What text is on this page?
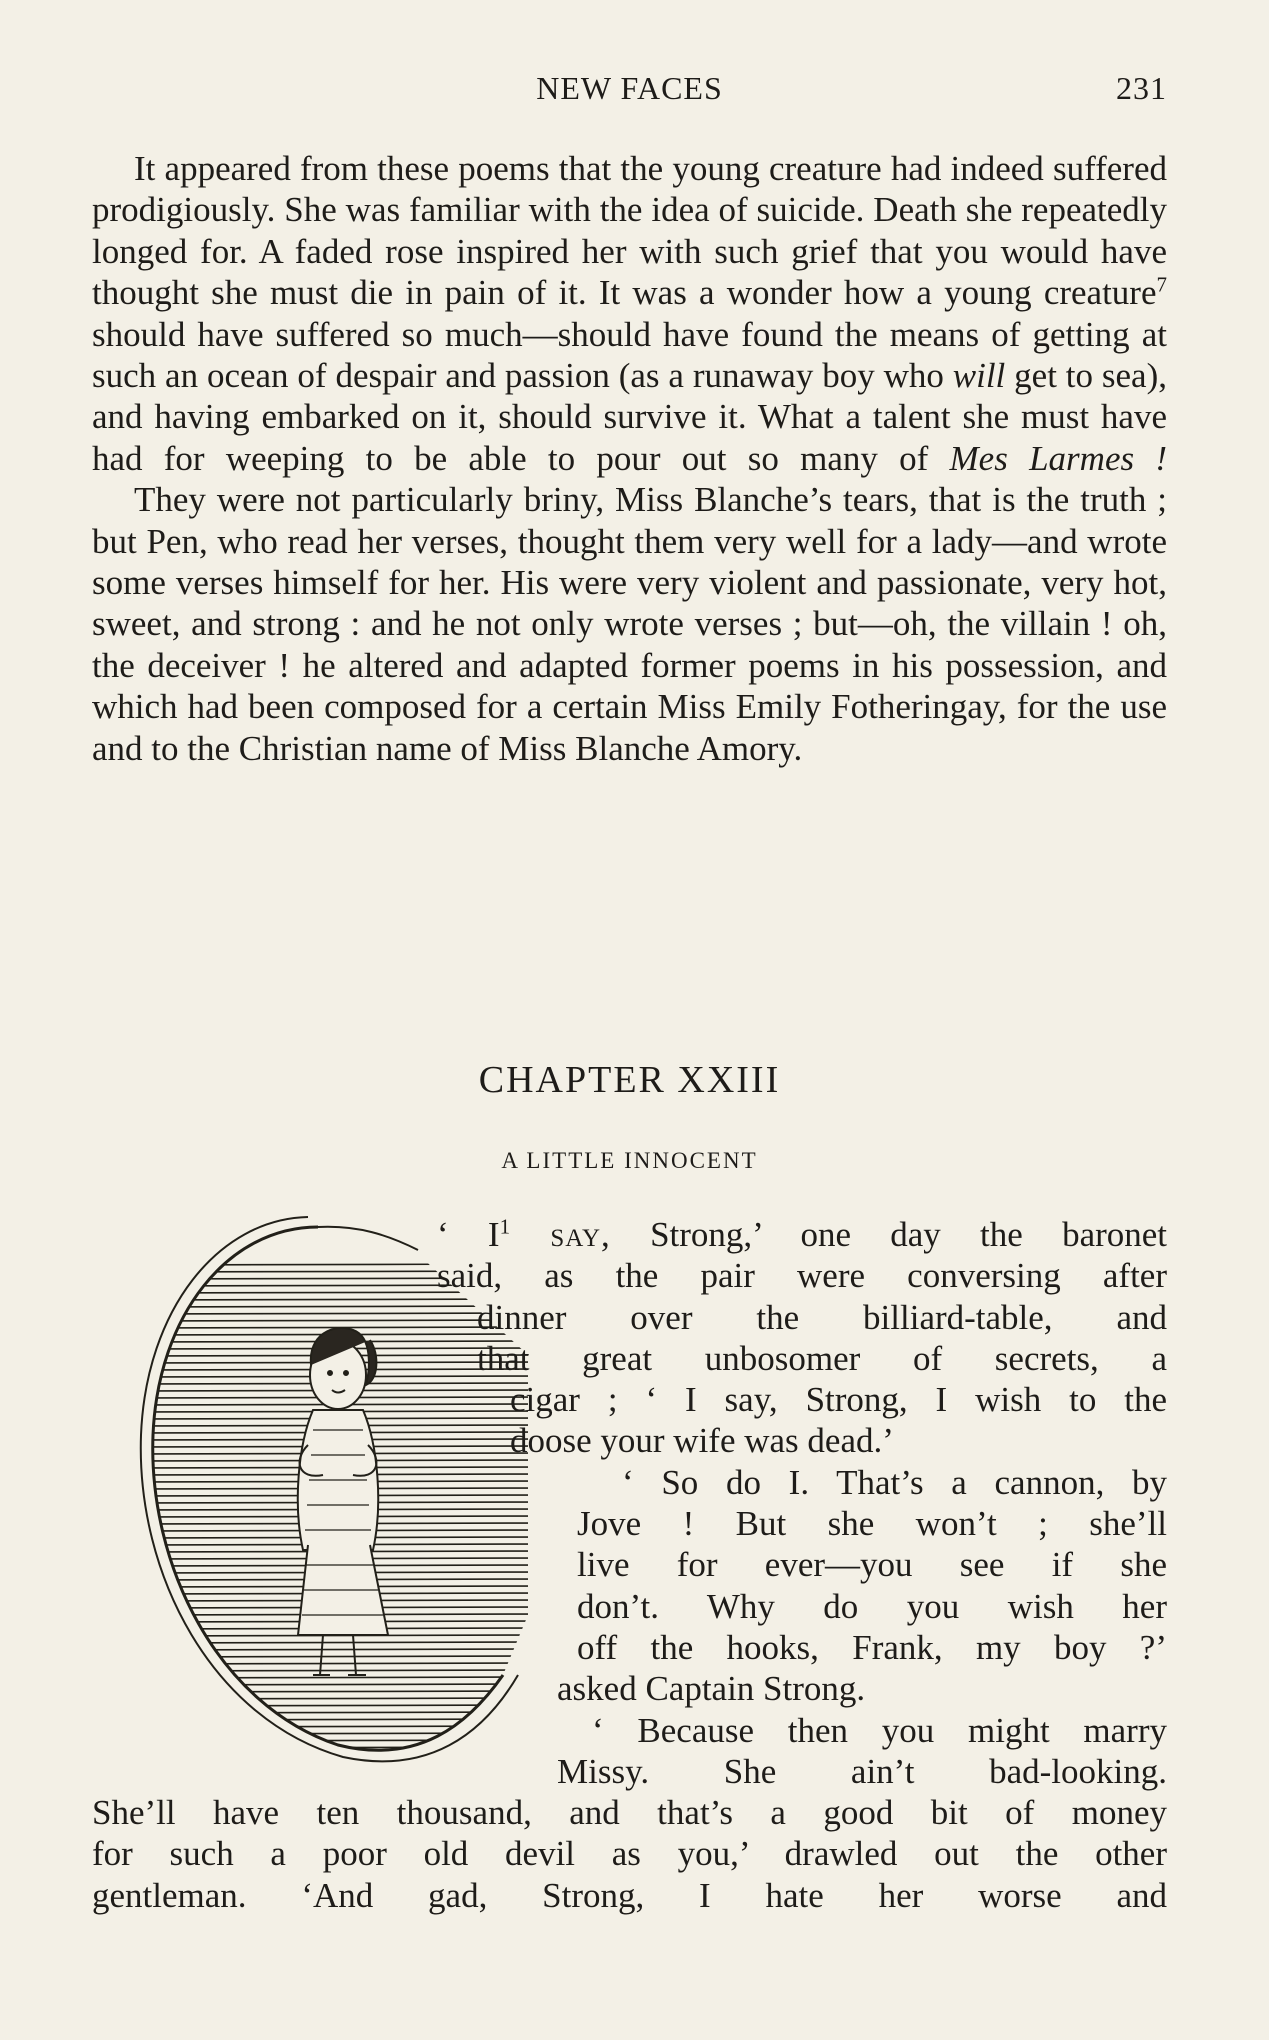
NEW FACES	231

It appeared from these poems that the young creature had indeed suffered prodigiously. She was familiar with the idea of suicide. Death she repeatedly longed for. A faded rose inspired her with such grief that you would have thought she must die in pain of it. It was a wonder how a young creature$^7$ should have suffered so much—should have found the means of getting at such an ocean of despair and passion (as a runaway boy who will get to sea), and having embarked on it, should survive it. What a talent she must have had for weeping to be able to pour out so many of Mes Larmes !

They were not particularly briny, Miss Blanche’s tears, that is the truth ; but Pen, who read her verses, thought them very well for a lady—and wrote some verses himself for her. His were very violent and passionate, very hot, sweet, and strong : and he not only wrote verses ; but—oh, the villain ! oh, the deceiver ! he altered and adapted former poems in his possession, and which had been composed for a certain Miss Emily Fotheringay, for the use and to the Christian name of Miss Blanche Amory.

CHAPTER XXIII
A LITTLE INNOCENT
‘ $I^1$ say, Strong,’ one day the baronet
said, as the pair were conversing after
dinner over the billiard-table, and
that great unbosomer of secrets, a
cigar ; ‘ I say, Strong, I wish to the
doose your wife was dead.’
‘ So do I. That’s a cannon, by
Jove ! But she won’t ; she’ll
live for ever—you see if she
don’t. Why do you wish her
off the hooks, Frank, my boy ?’
asked Captain Strong.
‘ Because then you might marry
Missy. She ain’t bad-looking.
She’ll have ten thousand, and that’s a good bit of money
for such a poor old devil as you,’ drawled out the other
gentleman. ‘And gad, Strong, I hate her worse and
